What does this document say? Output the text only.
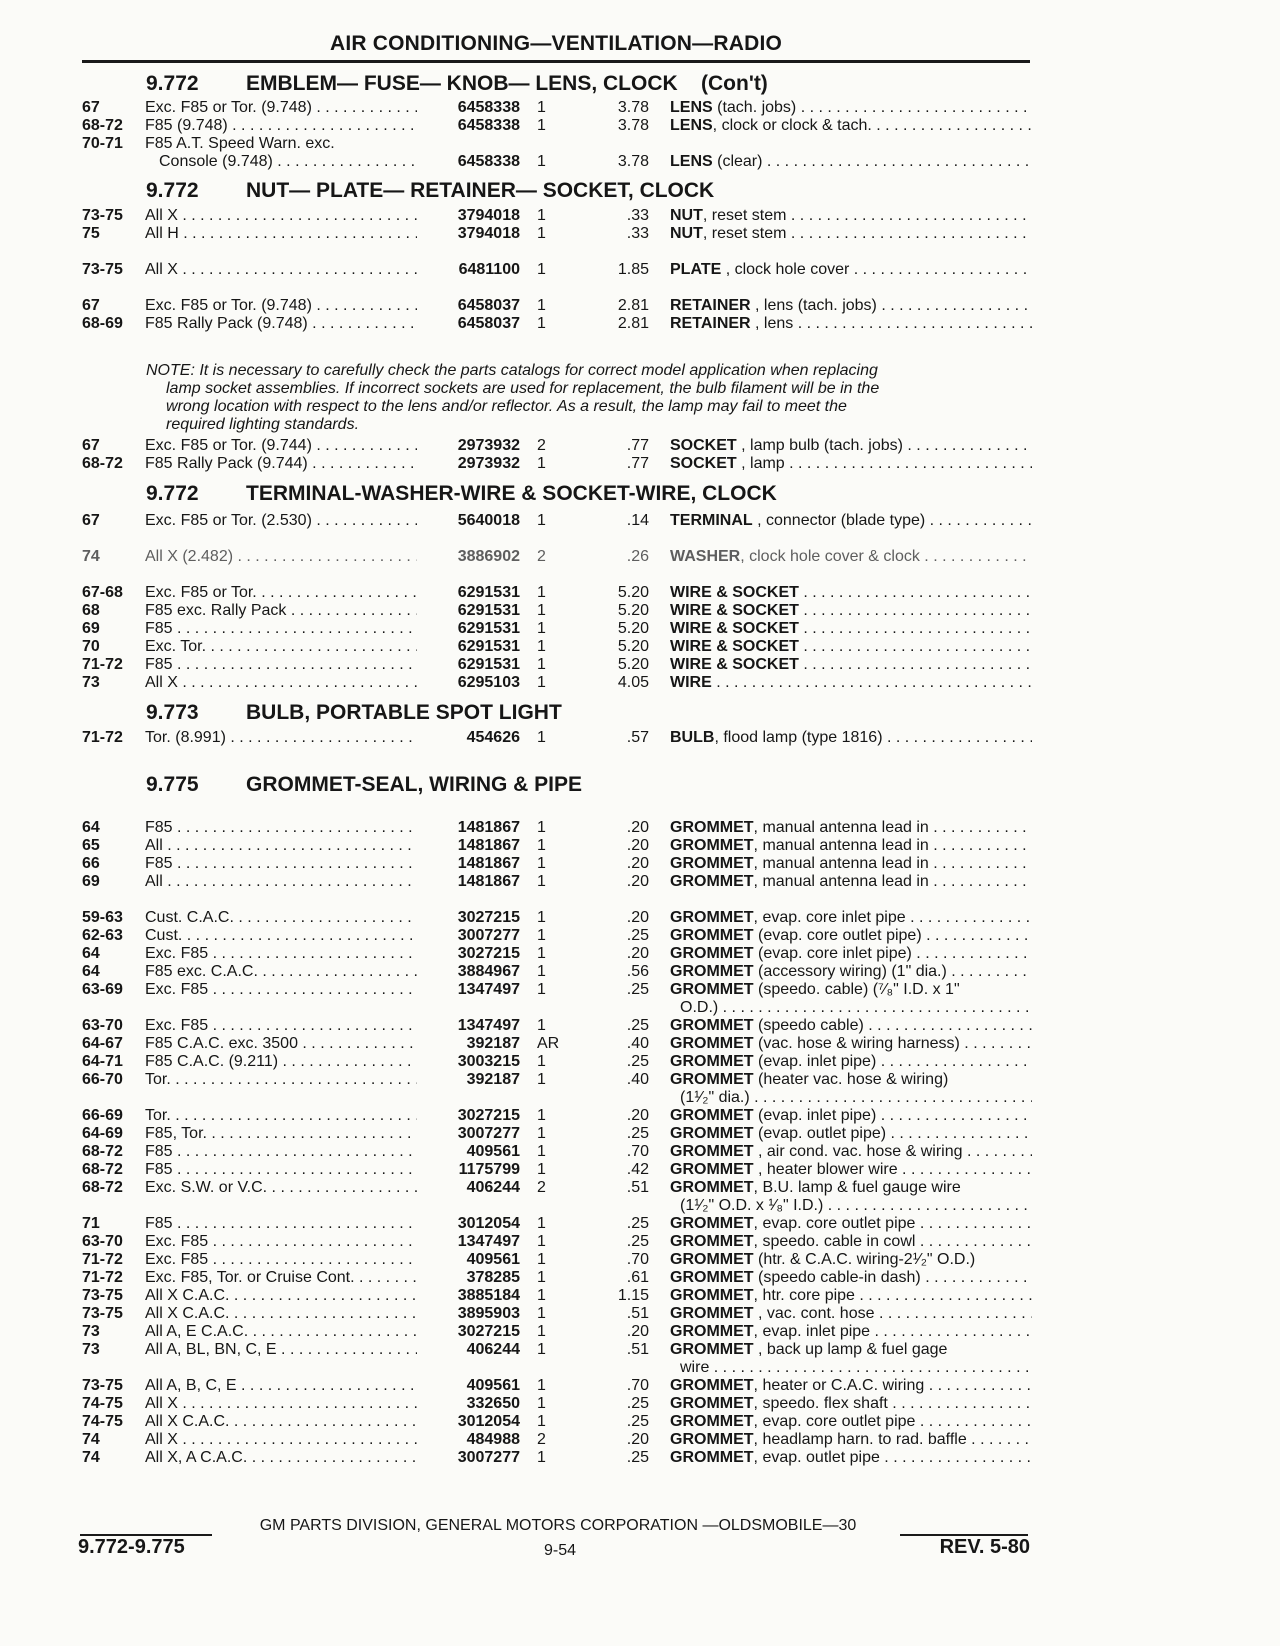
AIR CONDITIONING—VENTILATION—RADIO
9.772 EMBLEM— FUSE— KNOB— LENS, CLOCK    (Con't)
67	Exc. F85 or Tor. (9.748) . . .	6458338 1	3.78 LENS (tach. jobs) . . .
68-72	F85 (9.748) . . .	6458338 1	3.78 LENS, clock or clock & tach. . . .
70-71	F85 A.T. Speed Warn. exc.
Console (9.748) . . .	6458338 1	3.78 LENS (clear) . . .
9.772 NUT— PLATE— RETAINER— SOCKET, CLOCK
73-75	All X . . .	3794018 1	.33 NUT, reset stem . . .
75	All H . . .	3794018 1	.33 NUT, reset stem . . .
73-75	All X . . .	6481100 1	1.85 PLATE , clock hole cover . . .
67	Exc. F85 or Tor. (9.748) . . .	6458037 1	2.81 RETAINER , lens (tach. jobs) . . .
68-69	F85 Rally Pack (9.748) . . .	6458037 1	2.81 RETAINER , lens . . .
NOTE: It is necessary to carefully check the parts catalogs for correct model application when replacing
lamp socket assemblies. If incorrect sockets are used for replacement, the bulb filament will be in the
wrong location with respect to the lens and/or reflector. As a result, the lamp may fail to meet the
required lighting standards.
67	Exc. F85 or Tor. (9.744) . . .	2973932 2	.77 SOCKET , lamp bulb (tach. jobs) . . .
68-72	F85 Rally Pack (9.744) . . .	2973932 1	.77 SOCKET , lamp . . .
9.772 TERMINAL-WASHER-WIRE & SOCKET-WIRE, CLOCK
67	Exc. F85 or Tor. (2.530) . . .	5640018 1	.14 TERMINAL , connector (blade type) . . .
74	All X (2.482) . . .	3886902 2	.26 WASHER, clock hole cover & clock . . .
67-68	Exc. F85 or Tor. . . .	6291531 1	5.20 WIRE & SOCKET . . .
68	F85 exc. Rally Pack . . .	6291531 1	5.20 WIRE & SOCKET . . .
69	F85 . . .	6291531 1	5.20 WIRE & SOCKET . . .
70	Exc. Tor. . . .	6291531 1	5.20 WIRE & SOCKET . . .
71-72	F85 . . .	6291531 1	5.20 WIRE & SOCKET . . .
73	All X . . .	6295103 1	4.05 WIRE . . .
9.773 BULB, PORTABLE SPOT LIGHT
71-72	Tor. (8.991) . . .	454626 1	.57 BULB, flood lamp (type 1816) . . .
9.775 GROMMET-SEAL, WIRING & PIPE
64	F85 . . .	1481867 1	.20 GROMMET, manual antenna lead in . . .
65	All . . .	1481867 1	.20 GROMMET, manual antenna lead in . . .
66	F85 . . .	1481867 1	.20 GROMMET, manual antenna lead in . . .
69	All . . .	1481867 1	.20 GROMMET, manual antenna lead in . . .
59-63	Cust. C.A.C. . . .	3027215 1	.20 GROMMET, evap. core inlet pipe . . .
62-63	Cust. . . .	3007277 1	.25 GROMMET (evap. core outlet pipe) . . .
64	Exc. F85 . . .	3027215 1	.20 GROMMET (evap. core inlet pipe) . . .
64	F85 exc. C.A.C. . . .	3884967 1	.56 GROMMET (accessory wiring) (1" dia.) . . .
63-69	Exc. F85 . . .	1347497 1	.25 GROMMET (speedo. cable) (⁷⁄₈" I.D. x 1"
O.D.) . . .
63-70	Exc. F85 . . .	1347497 1	.25 GROMMET (speedo cable) . . .
64-67	F85 C.A.C. exc. 3500 . . .	392187 AR	.40 GROMMET (vac. hose & wiring harness) . . .
64-71	F85 C.A.C. (9.211) . . .	3003215 1	.25 GROMMET (evap. inlet pipe) . . .
66-70	Tor. . . .	392187 1	.40 GROMMET (heater vac. hose & wiring)
(1¹⁄₂" dia.) . . .
66-69	Tor. . . .	3027215 1	.20 GROMMET (evap. inlet pipe) . . .
64-69	F85, Tor. . . .	3007277 1	.25 GROMMET (evap. outlet pipe) . . .
68-72	F85 . . .	409561 1	.70 GROMMET , air cond. vac. hose & wiring . . .
68-72	F85 . . .	1175799 1	.42 GROMMET , heater blower wire . . .
68-72	Exc. S.W. or V.C. . . .	406244 2	.51 GROMMET, B.U. lamp & fuel gauge wire
(1¹⁄₂" O.D. x ¹⁄₈" I.D.) . . .
71	F85 . . .	3012054 1	.25 GROMMET, evap. core outlet pipe . . .
63-70	Exc. F85 . . .	1347497 1	.25 GROMMET, speedo. cable in cowl . . .
71-72	Exc. F85 . . .	409561 1	.70 GROMMET (htr. & C.A.C. wiring-2¹⁄₂" O.D.)
71-72	Exc. F85, Tor. or Cruise Cont. . . .	378285 1	.61 GROMMET (speedo cable-in dash) . . .
73-75	All X C.A.C. . . .	3885184 1	1.15 GROMMET, htr. core pipe . . .
73-75	All X C.A.C. . . .	3895903 1	.51 GROMMET , vac. cont. hose . . .
73	All A, E C.A.C. . . .	3027215 1	.20 GROMMET, evap. inlet pipe . . .
73	All A, BL, BN, C, E . . .	406244 1	.51 GROMMET , back up lamp & fuel gage
wire . . .
73-75	All A, B, C, E . . .	409561 1	.70 GROMMET, heater or C.A.C. wiring . . .
74-75	All X . . .	332650 1	.25 GROMMET, speedo. flex shaft . . .
74-75	All X C.A.C. . . .	3012054 1	.25 GROMMET, evap. core outlet pipe . . .
74	All X . . .	484988 2	.20 GROMMET, headlamp harn. to rad. baffle . . .
74	All X, A C.A.C. . . .	3007277 1	.25 GROMMET, evap. outlet pipe . . .
GM PARTS DIVISION, GENERAL MOTORS CORPORATION —OLDSMOBILE—30
9.772-9.775	9-54	REV. 5-80
